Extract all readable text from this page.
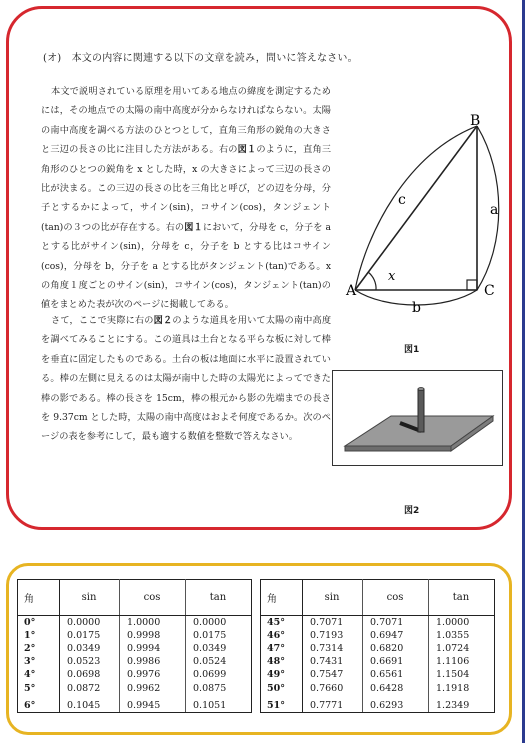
(オ)　本文の内容に関連する以下の文章を読み，問いに答えなさい。
本文で説明されている原理を用いてある地点の緯度を測定するためには，その地点での太陽の南中高度が分からなければならない。太陽の南中高度を調べる方法のひとつとして，直角三角形の鋭角の大きさと三辺の長さの比に注目した方法がある。右の図１のように，直角三角形のひとつの鋭角を x とした時，x の大きさによって三辺の長さの比が決まる。この三辺の長さの比を三角比と呼び，どの辺を分母，分子とするかによって，サイン(sin)，コサイン(cos)，タンジェント(tan)の３つの比が存在する。右の図１において，分母を c，分子を a とする比がサイン(sin)，分母を c，分子を b とする比はコサイン(cos)，分母を b，分子を a とする比がタンジェント(tan)である。x の角度１度ごとのサイン(sin)，コサイン(cos)，タンジェント(tan)の値をまとめた表が次のページに掲載してある。
さて，ここで実際に右の図２のような道具を用いて太陽の南中高度を調べてみることにする。この道具は土台となる平らな板に対して棒を垂直に固定したものである。土台の板は地面に水平に設置されている。棒の左側に見えるのは太陽が南中した時の太陽光によってできた棒の影である。棒の長さを 15cm，棒の根元から影の先端までの長さを 9.37cm とした時，太陽の南中高度はおよそ何度であるか。次のページの表を参考にして，最も適する数値を整数で答えなさい。
A
B
C
a
b
c
x
図1
図2
角	sin	cos	tan
0°	0.0000	1.0000	0.0000
1°	0.0175	0.9998	0.0175
2°	0.0349	0.9994	0.0349
3°	0.0523	0.9986	0.0524
4°	0.0698	0.9976	0.0699
5°	0.0872	0.9962	0.0875

6°	0.1045	0.9945	0.1051
角	sin	cos	tan
45°	0.7071	0.7071	1.0000
46°	0.7193	0.6947	1.0355
47°	0.7314	0.6820	1.0724
48°	0.7431	0.6691	1.1106
49°	0.7547	0.6561	1.1504
50°	0.7660	0.6428	1.1918

51°	0.7771	0.6293	1.2349
